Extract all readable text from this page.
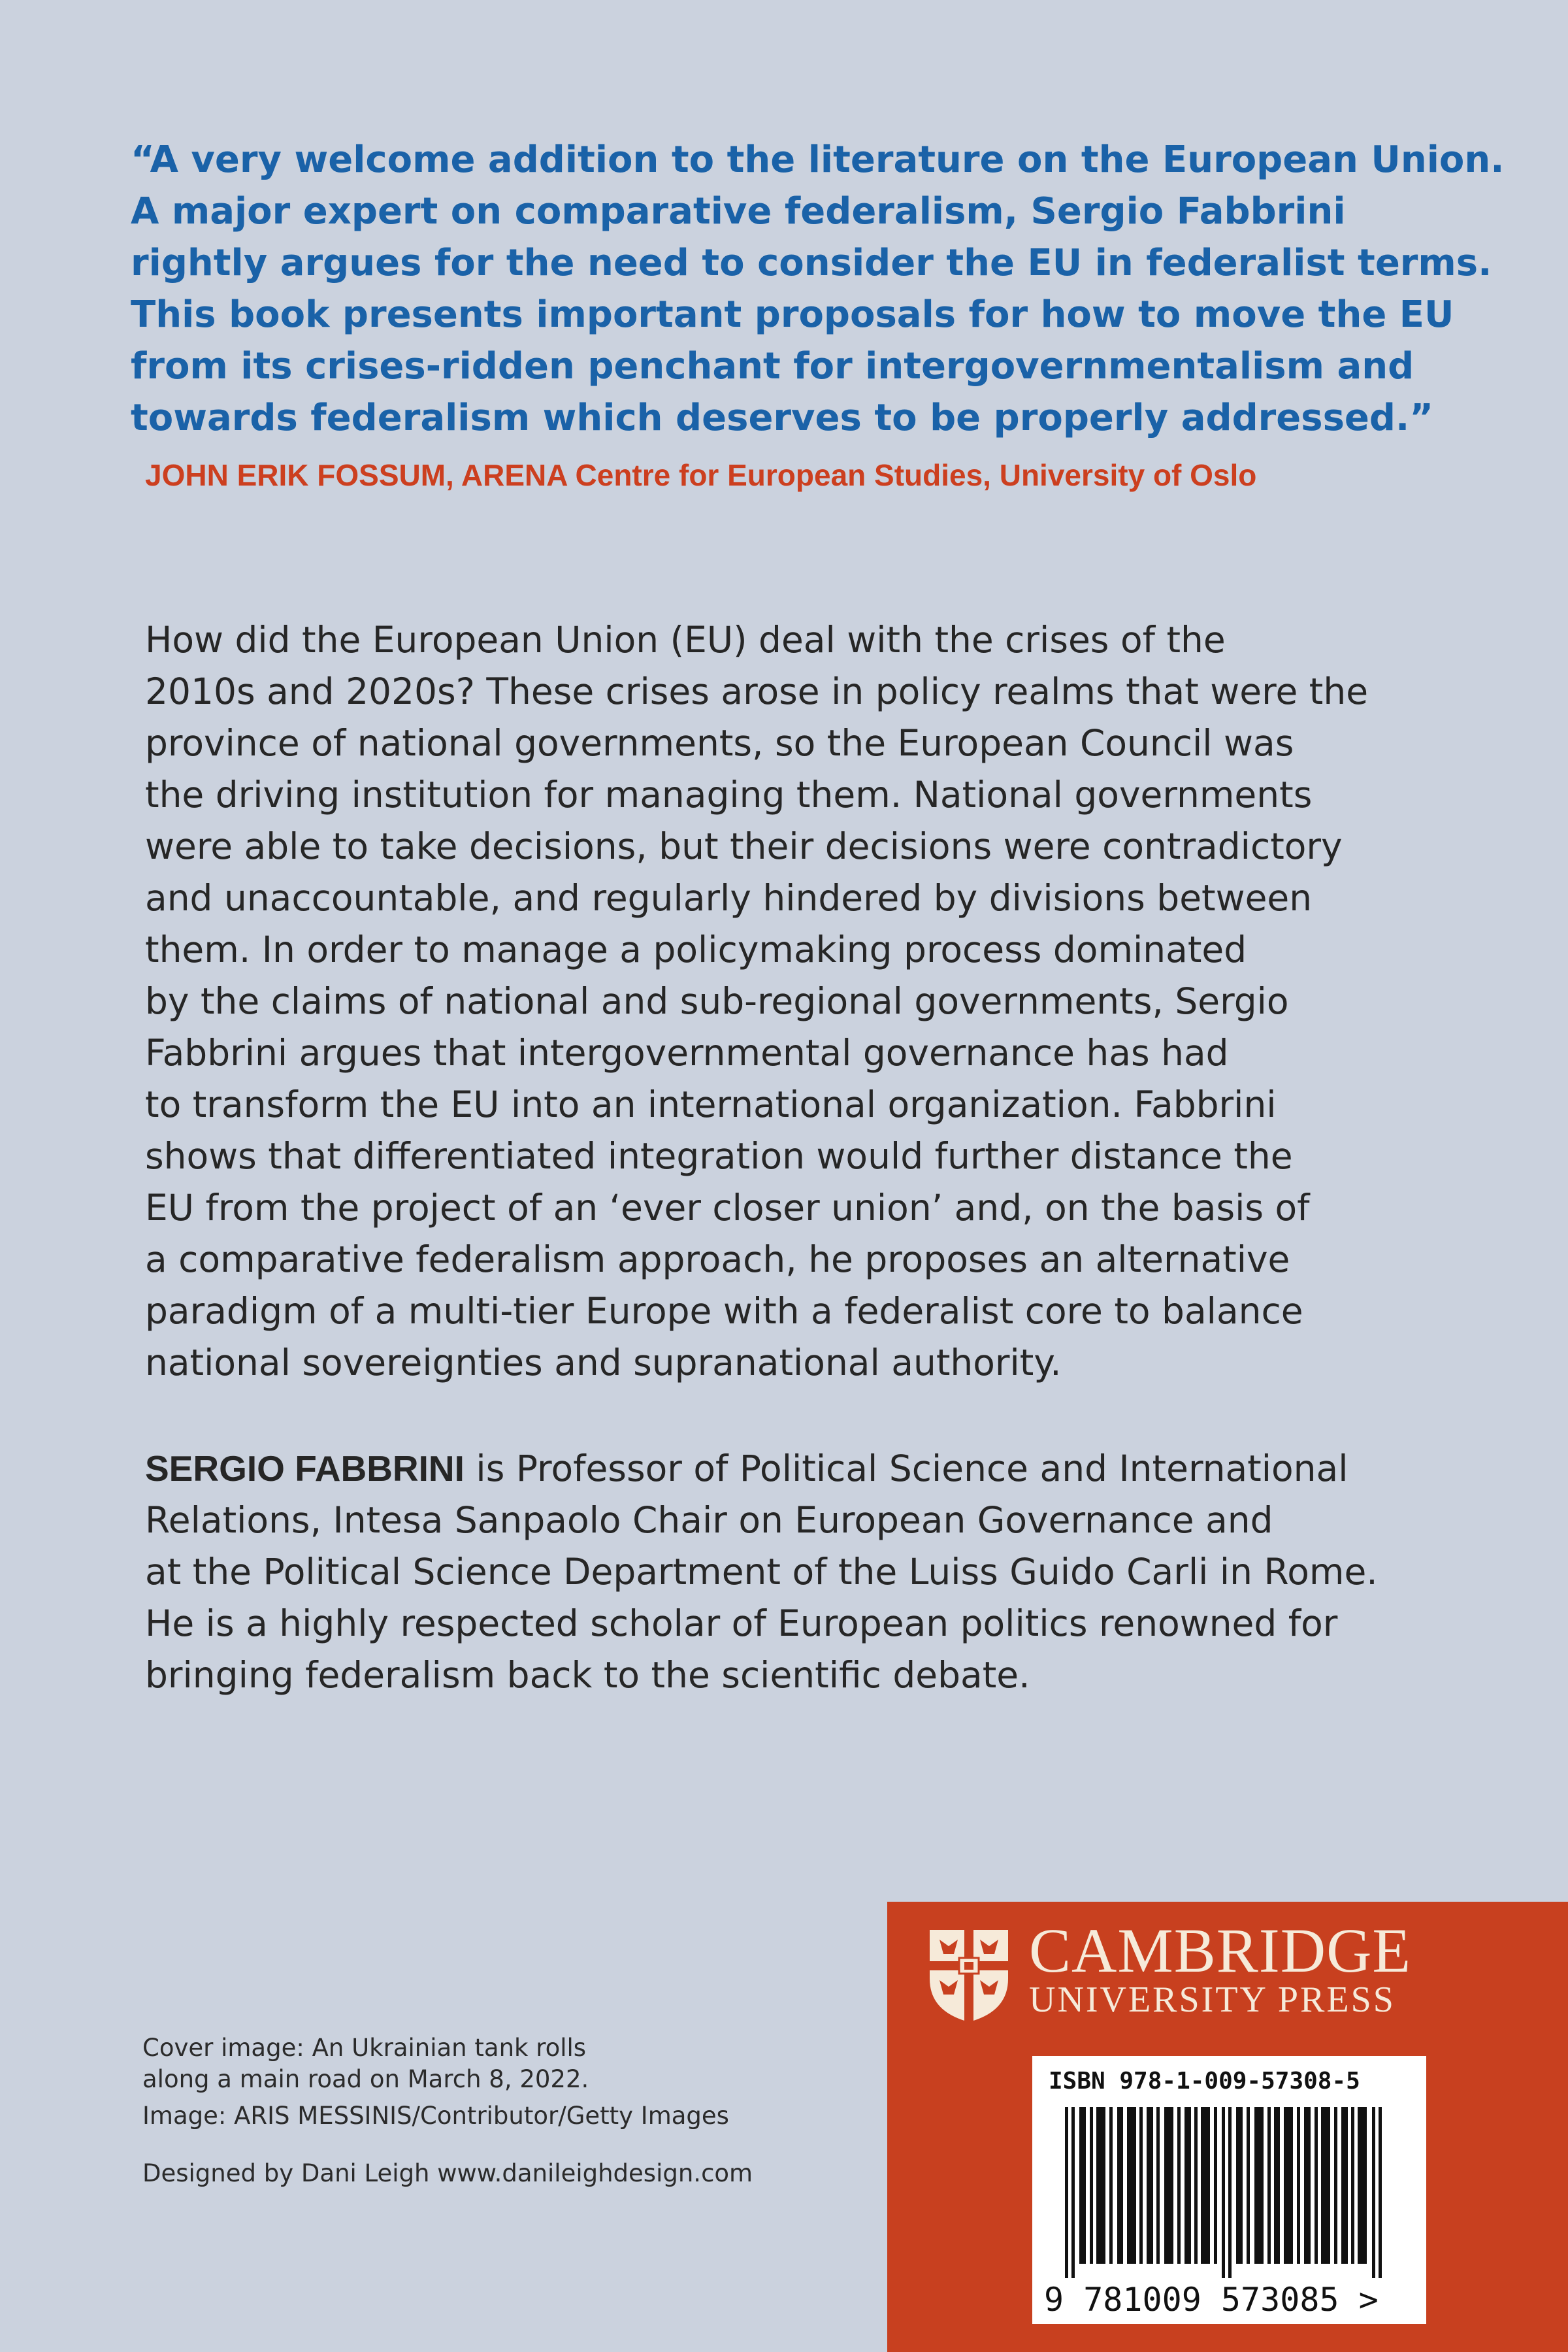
“A very welcome addition to the literature on the European Union.
A major expert on comparative federalism, Sergio Fabbrini
rightly argues for the need to consider the EU in federalist terms.
This book presents important proposals for how to move the EU
from its crises-ridden penchant for intergovernmentalism and
towards federalism which deserves to be properly addressed.”
JOHN ERIK FOSSUM, ARENA Centre for European Studies, University of Oslo
How did the European Union (EU) deal with the crises of the
2010s and 2020s? These crises arose in policy realms that were the
province of national governments, so the European Council was
the driving institution for managing them. National governments
were able to take decisions, but their decisions were contradictory
and unaccountable, and regularly hindered by divisions between
them. In order to manage a policymaking process dominated
by the claims of national and sub-regional governments, Sergio
Fabbrini argues that intergovernmental governance has had
to transform the EU into an international organization. Fabbrini
shows that differentiated integration would further distance the
EU from the project of an ‘ever closer union’ and, on the basis of
a comparative federalism approach, he proposes an alternative
paradigm of a multi-tier Europe with a federalist core to balance
national sovereignties and supranational authority.
SERGIO FABBRINI is Professor of Political Science and International
Relations, Intesa Sanpaolo Chair on European Governance and
at the Political Science Department of the Luiss Guido Carli in Rome.
He is a highly respected scholar of European politics renowned for
bringing federalism back to the scientific debate.
Cover image: An Ukrainian tank rolls
along a main road on March 8, 2022.
Image: ARIS MESSINIS/Contributor/Getty Images
Designed by Dani Leigh www.danileighdesign.com
CAMBRIDGE
UNIVERSITY PRESS
ISBN 978-1-009-57308-5
9 781009 573085 >
